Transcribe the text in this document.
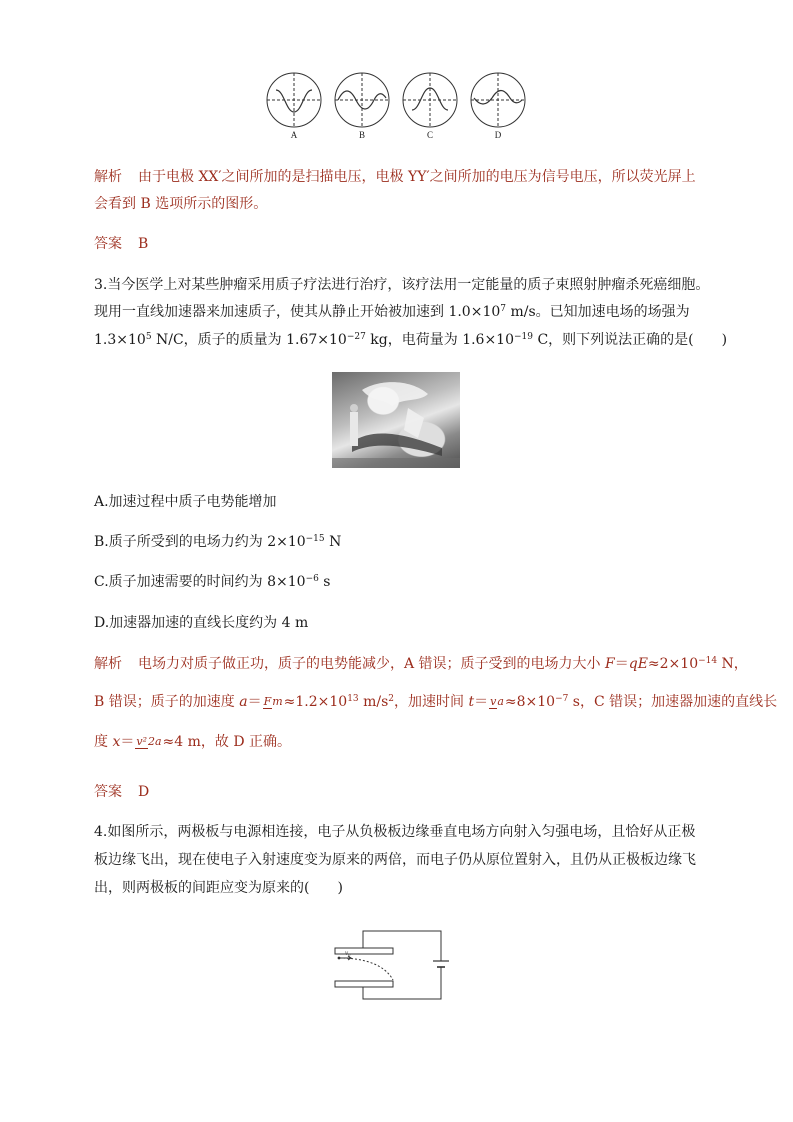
A	B	C	D
解析 由于电极 XX′之间所加的是扫描电压，电极 YY′之间所加的电压为信号电压，所以荧光屏上
会看到 B 选项所示的图形。
答案 B
3.当今医学上对某些肿瘤采用质子疗法进行治疗，该疗法用一定能量的质子束照射肿瘤杀死癌细胞。
现用一直线加速器来加速质子，使其从静止开始被加速到 $1.0\times 10^7$ m/s。已知加速电场的场强为
$1.3\times 10^5$ N/C，质子的质量为 $1.67\times 10^{-27}$ kg，电荷量为 $1.6\times 10^{-19}$ C，则下列说法正确的是(　　)
A.加速过程中质子电势能增加
B.质子所受到的电场力约为 $2\times 10^{-15}$ N
C.质子加速需要的时间约为 $8\times 10^{-6}$ s
D.加速器加速的直线长度约为 4 m
解析 电场力对质子做正功，质子的电势能减少，A 错误；质子受到的电场力大小 $F=qE\approx 2\times 10^{-14}$ N，
B 错误；质子的加速度 $a= Fm\approx 1.2\times 10^{13}$ $m/s^2$，加速时间 $t= va\approx 8\times 10^{-7}$ s，C 错误；加速器加速的直线长
度 x＝ v²2a≈4 m，故 D 正确。
答案 D
4.如图所示，两极板与电源相连接，电子从负极板边缘垂直电场方向射入匀强电场，且恰好从正极
板边缘飞出，现在使电子入射速度变为原来的两倍，而电子仍从原位置射入，且仍从正极板边缘飞
出，则两极板的间距应变为原来的(　　)
v₀
